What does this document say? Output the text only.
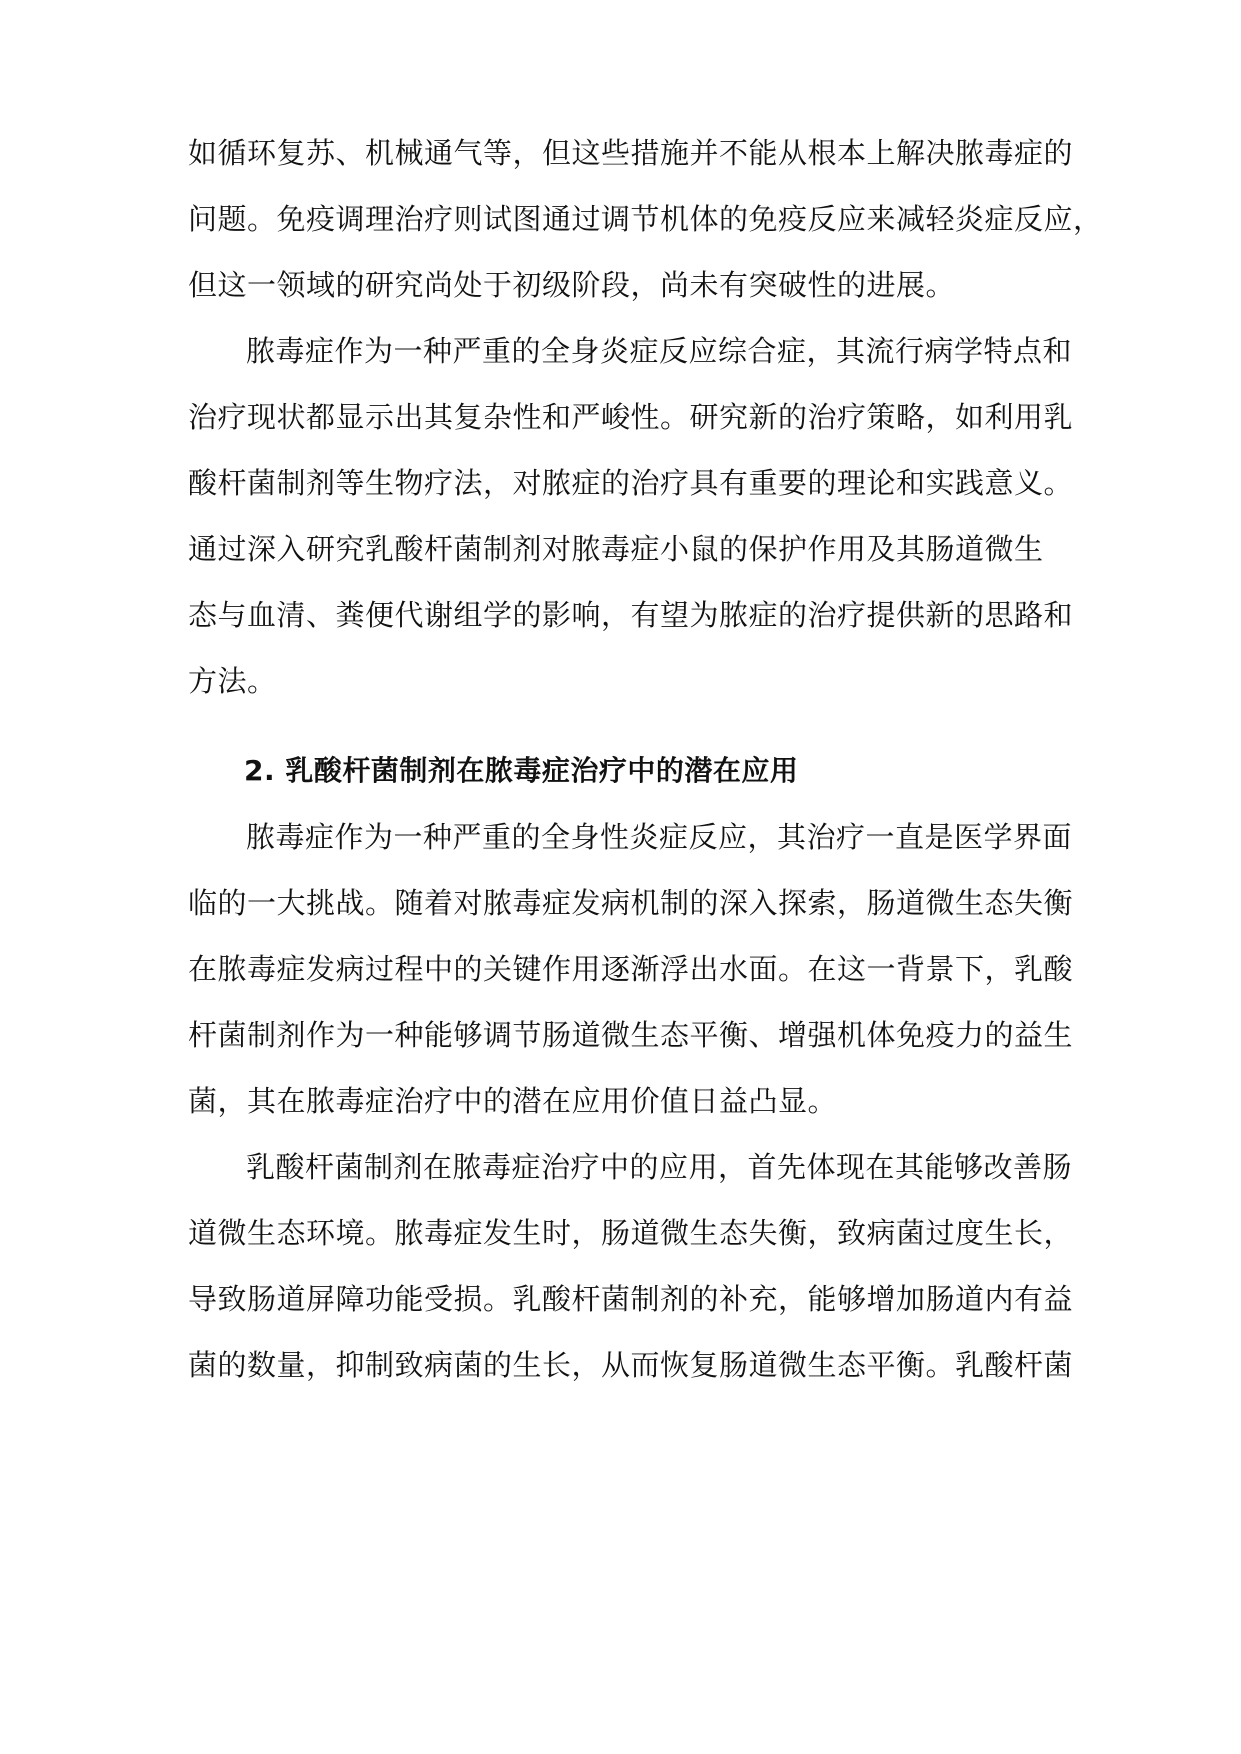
如循环复苏、机械通气等，但这些措施并不能从根本上解决脓毒症的
问题。免疫调理治疗则试图通过调节机体的免疫反应来减轻炎症反应，
但这一领域的研究尚处于初级阶段，尚未有突破性的进展。
脓毒症作为一种严重的全身炎症反应综合症，其流行病学特点和
治疗现状都显示出其复杂性和严峻性。研究新的治疗策略，如利用乳
酸杆菌制剂等生物疗法，对脓症的治疗具有重要的理论和实践意义。
通过深入研究乳酸杆菌制剂对脓毒症小鼠的保护作用及其肠道微生
态与血清、粪便代谢组学的影响，有望为脓症的治疗提供新的思路和
方法。
2. 乳酸杆菌制剂在脓毒症治疗中的潜在应用
脓毒症作为一种严重的全身性炎症反应，其治疗一直是医学界面
临的一大挑战。随着对脓毒症发病机制的深入探索，肠道微生态失衡
在脓毒症发病过程中的关键作用逐渐浮出水面。在这一背景下，乳酸
杆菌制剂作为一种能够调节肠道微生态平衡、增强机体免疫力的益生
菌，其在脓毒症治疗中的潜在应用价值日益凸显。
乳酸杆菌制剂在脓毒症治疗中的应用，首先体现在其能够改善肠
道微生态环境。脓毒症发生时，肠道微生态失衡，致病菌过度生长，
导致肠道屏障功能受损。乳酸杆菌制剂的补充，能够增加肠道内有益
菌的数量，抑制致病菌的生长，从而恢复肠道微生态平衡。乳酸杆菌
